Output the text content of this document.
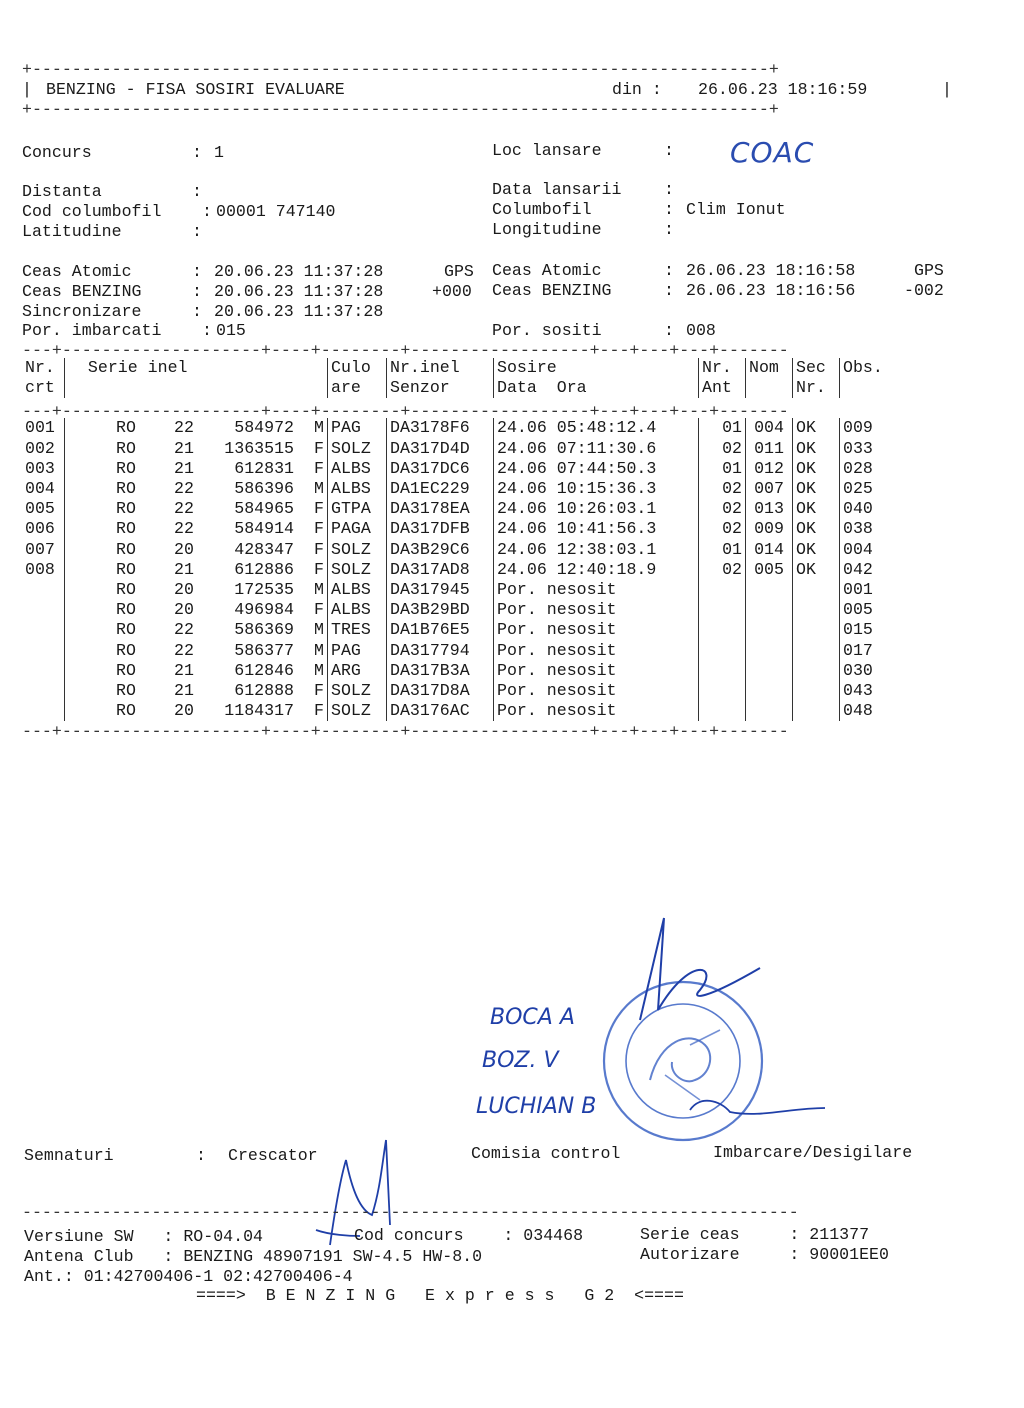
+--------------------------------------------------------------------------+
| BENZING - FISA SOSIRI EVALUARE	din : 26.06.23 18:16:59	|
+--------------------------------------------------------------------------+
Concurs	: 1
Distanta	:
Cod columbofil : 00001 747140
Latitudine	:
Loc lansare	: COAC
Data lansarii	:
Columbofil	: Clim Ionut
Longitudine	:
Ceas Atomic	: 20.06.23 11:37:28	GPS
Ceas BENZING	: 20.06.23 11:37:28	+000
Sincronizare	: 20.06.23 11:37:28
Por. imbarcati : 015
Ceas Atomic	: 26.06.23 18:16:58	GPS
Ceas BENZING	: 26.06.23 18:16:56	-002
Por. sositi	: 008
---+--------------------+----+--------+------------------+---+---+---+-------
---+--------------------+----+--------+------------------+---+---+---+-------
---+--------------------+----+--------+------------------+---+---+---+-------
Nr.	Serie inel	Culo	Nr.inel	Sosire	Nr.	Nom	Sec	Obs.
crt		are	Senzor	Data  Ora	Ant		Nr.	

001	RO 22 584972 M	PAG	DA3178F6	24.06 05:48:12.4	01	004	OK	009
002	RO 21 1363515 F	SOLZ	DA317D4D	24.06 07:11:30.6	02	011	OK	033
003	RO 21 612831 F	ALBS	DA317DC6	24.06 07:44:50.3	01	012	OK	028
004	RO 22 586396 M	ALBS	DA1EC229	24.06 10:15:36.3	02	007	OK	025
005	RO 22 584965 F	GTPA	DA3178EA	24.06 10:26:03.1	02	013	OK	040
006	RO 22 584914 F	PAGA	DA317DFB	24.06 10:41:56.3	02	009	OK	038
007	RO 20 428347 F	SOLZ	DA3B29C6	24.06 12:38:03.1	01	014	OK	004
008	RO 21 612886 F	SOLZ	DA317AD8	24.06 12:40:18.9	02	005	OK	042
	RO 20 172535 M	ALBS	DA317945	Por. nesosit				001
	RO 20 496984 F	ALBS	DA3B29BD	Por. nesosit				005
	RO 22 586369 M	TRES	DA1B76E5	Por. nesosit				015
	RO 22 586377 M	PAG	DA317794	Por. nesosit				017
	RO 21 612846 M	ARG	DA317B3A	Por. nesosit				030
	RO 21 612888 F	SOLZ	DA317D8A	Por. nesosit				043
	RO 20 1184317 F	SOLZ	DA3176AC	Por. nesosit				048
BOCA A
BOZ. V
LUCHIAN B
Semnaturi	: Crescator	Comisia control	Imbarcare/Desigilare
------------------------------------------------------------------------------
Versiune SW   : RO-04.04	Cod concurs    : 034468	Serie ceas     : 211377
Antena Club   : BENZING 48907191 SW-4.5 HW-8.0	Autorizare     : 90001EE0
Ant.: 01:42700406-1 02:42700406-4
====>  B E N Z I N G   E x p r e s s   G 2  <====
